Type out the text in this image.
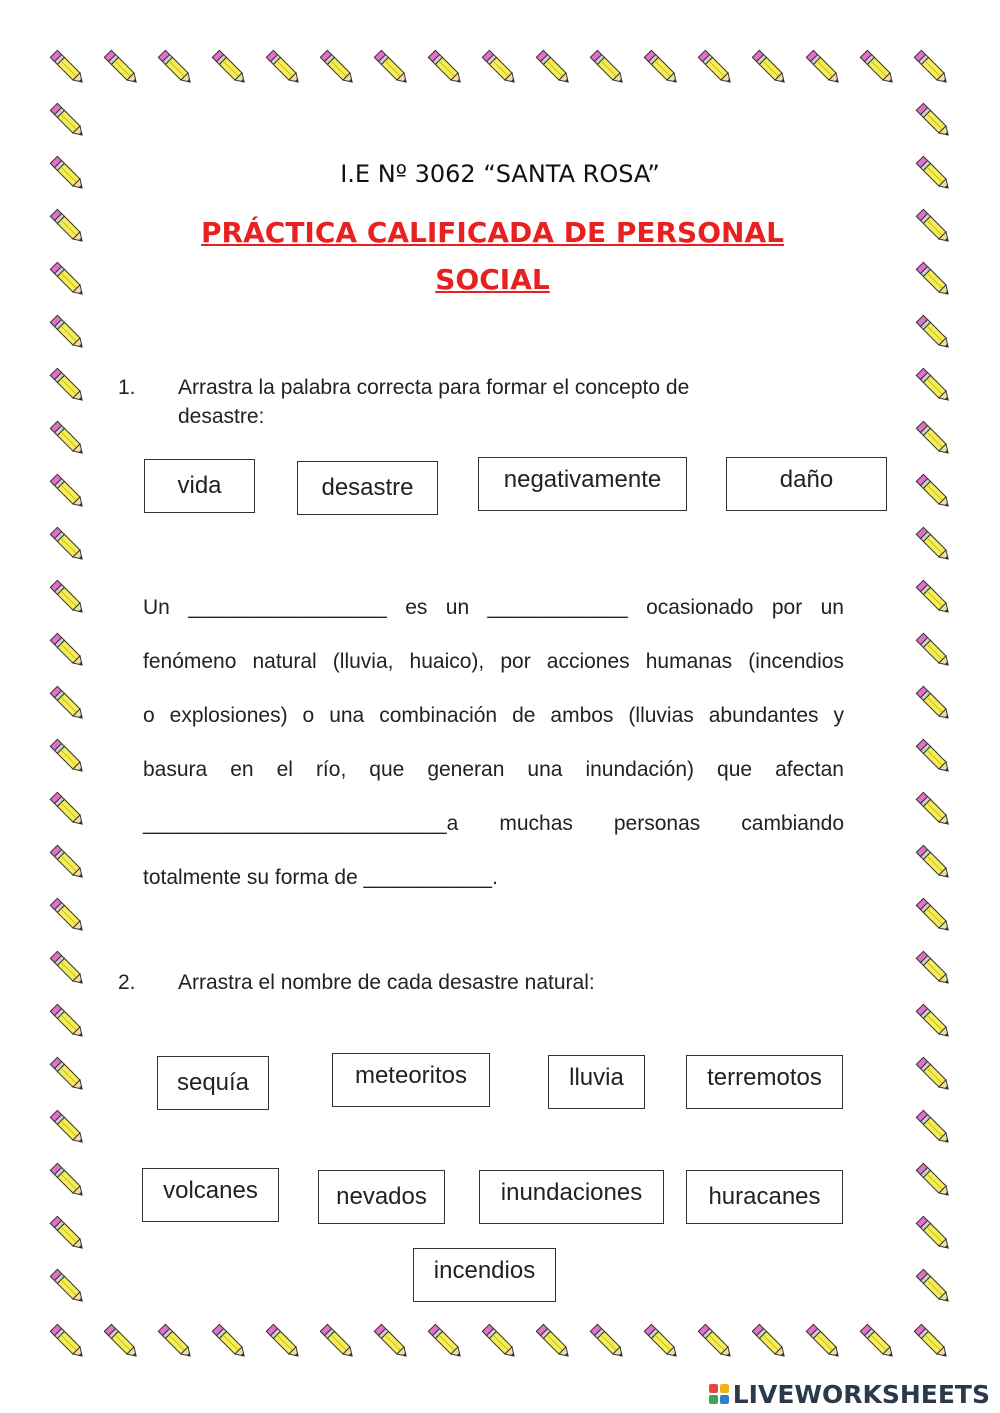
I.E Nº 3062 “SANTA ROSA”
PRÁCTICA CALIFICADA DE PERSONAL
SOCIAL
1. Arrastra la palabra correcta para formar el concepto de
desastre:
vida	desastre	negativamente	daño
Un _________________ es un ____________ ocasionado por un
fenómeno natural (lluvia, huaico), por acciones humanas (incendios
o explosiones) o una combinación de ambos (lluvias abundantes y
basura en el río, que generan una inundación) que afectan
__________________________a muchas personas cambiando
totalmente su forma de ___________.
2. Arrastra el nombre de cada desastre natural:
sequía	meteoritos	lluvia	terremotos
volcanes	nevados	inundaciones	huracanes
incendios
LIVEWORKSHEETS
